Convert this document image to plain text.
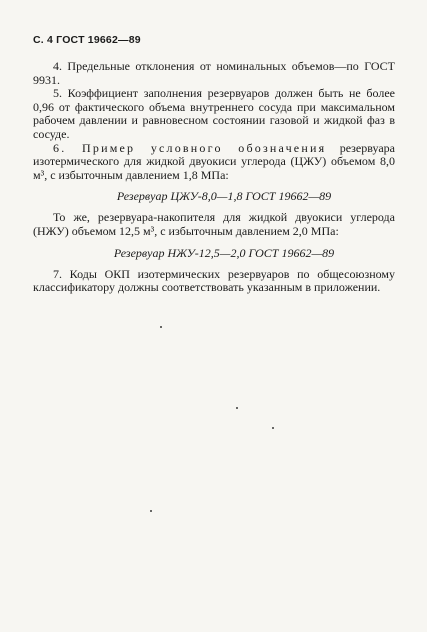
С. 4 ГОСТ 19662—89

4. Предельные отклонения от номинальных объемов—по ГОСТ 9931.

5. Коэффициент заполнения резервуаров должен быть не более 0,96 от фактического объема внутреннего сосуда при максимальном рабочем давлении и равновесном состоянии газовой и жидкой фаз в сосуде.

6. Пример условного обозначения резервуара изотермического для жидкой двуокиси углерода (ЦЖУ) объемом 8,0 м³, с избыточным давлением 1,8 МПа:

Резервуар ЦЖУ-8,0—1,8 ГОСТ 19662—89

То же, резервуара-накопителя для жидкой двуокиси углерода (НЖУ) объемом 12,5 м³, с избыточным давлением 2,0 МПа:

Резервуар НЖУ-12,5—2,0 ГОСТ 19662—89

7. Коды ОКП изотермических резервуаров по общесоюзному классификатору должны соответствовать указанным в приложении.
